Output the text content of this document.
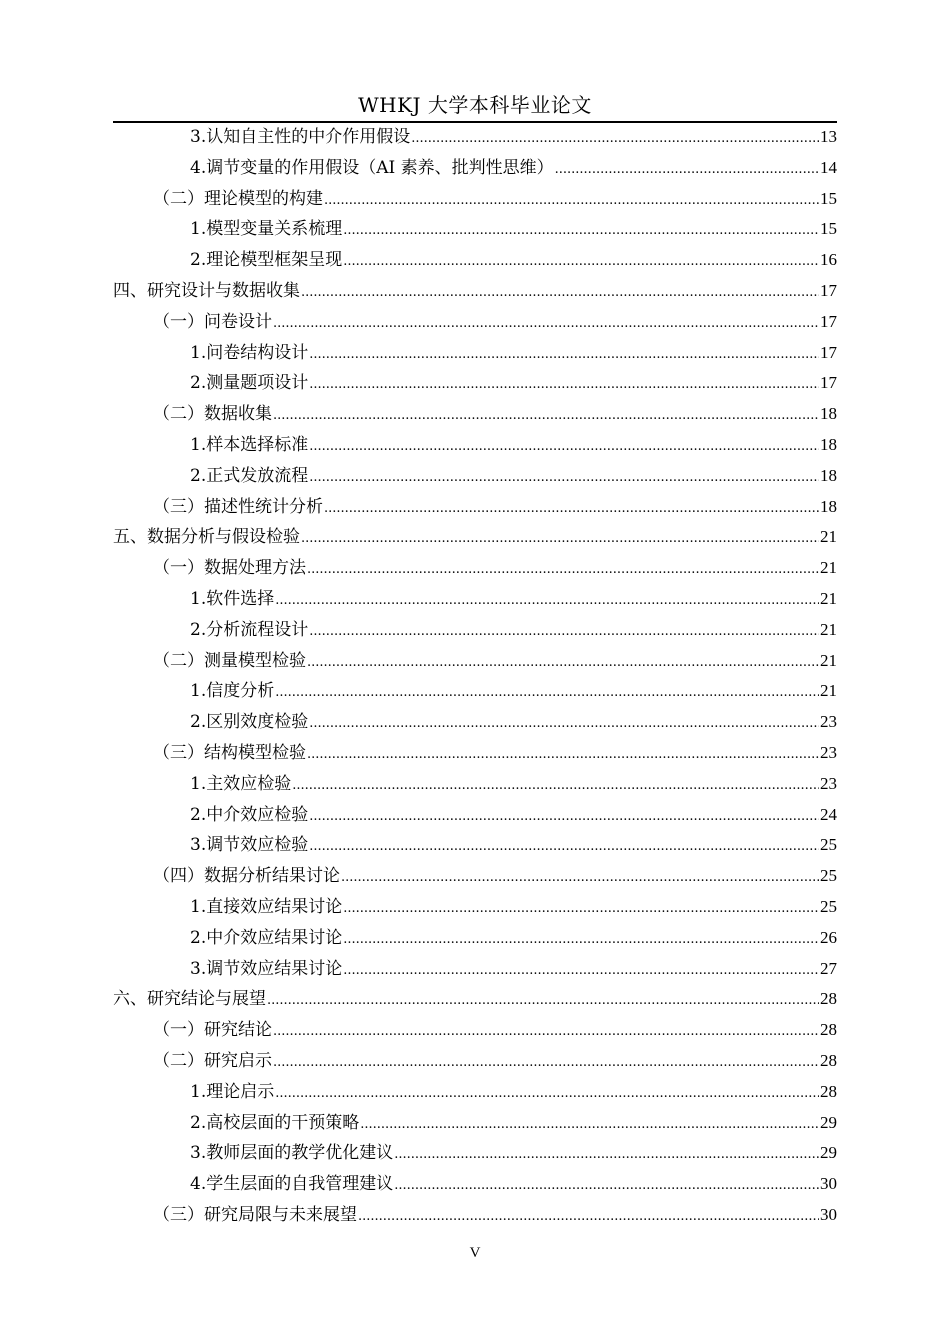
WHKJ 大学本科毕业论文
3.认知自主性的中介作用假设 .....	13
4.调节变量的作用假设（AI 素养、批判性思维） .....	14
（二）理论模型的构建 .....	15
1.模型变量关系梳理 .....	15
2.理论模型框架呈现 .....	16
四、研究设计与数据收集 .....	17
（一）问卷设计 .....	17
1.问卷结构设计 .....	17
2.测量题项设计 .....	17
（二）数据收集 .....	18
1.样本选择标准 .....	18
2.正式发放流程 .....	18
（三）描述性统计分析 .....	18
五、数据分析与假设检验 .....	21
（一）数据处理方法 .....	21
1.软件选择 .....	21
2.分析流程设计 .....	21
（二）测量模型检验 .....	21
1.信度分析 .....	21
2.区别效度检验 .....	23
（三）结构模型检验 .....	23
1.主效应检验 .....	23
2.中介效应检验 .....	24
3.调节效应检验 .....	25
（四）数据分析结果讨论 .....	25
1.直接效应结果讨论 .....	25
2.中介效应结果讨论 .....	26
3.调节效应结果讨论 .....	27
六、研究结论与展望 .....	28
（一）研究结论 .....	28
（二）研究启示 .....	28
1.理论启示 .....	28
2.高校层面的干预策略 .....	29
3.教师层面的教学优化建议 .....	29
4.学生层面的自我管理建议 .....	30
（三）研究局限与未来展望 .....	30
V
